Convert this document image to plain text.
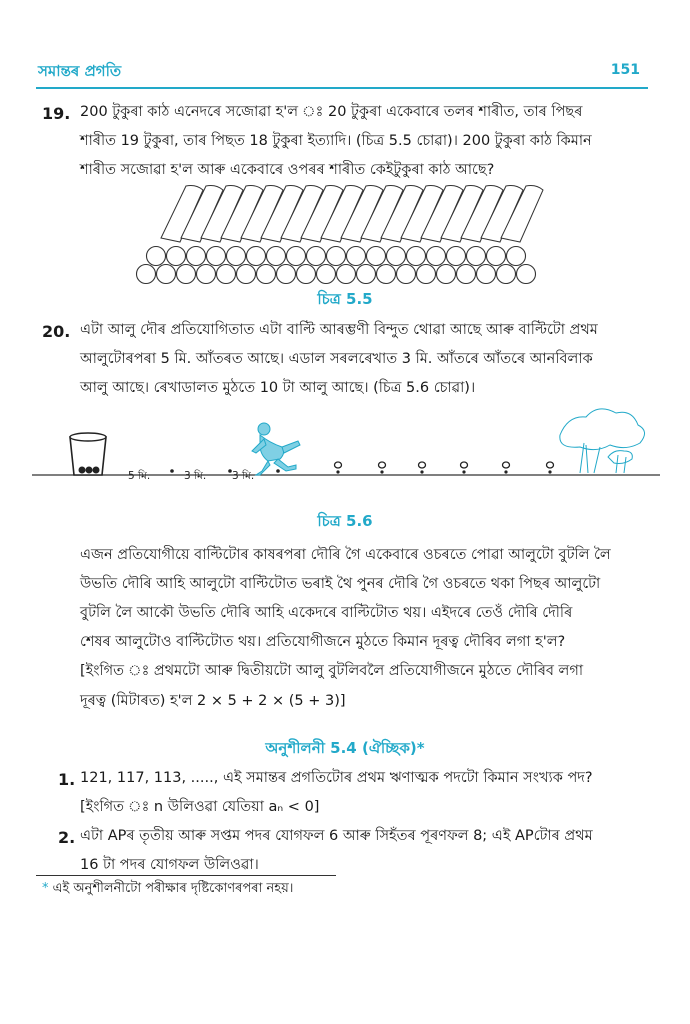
সমান্তৰ প্ৰগতি	151
19. 200 টুকুৰা কাঠ এনেদৰে সজোৱা হ'ল ঃ 20 টুকুৰা একেবাৰে তলৰ শাৰীত, তাৰ পিছৰ

শাৰীত 19 টুকুৰা, তাৰ পিছত 18 টুকুৰা ইত্যাদি। (চিত্ৰ 5.5 চোৱা)। 200 টুকুৰা কাঠ কিমান

শাৰীত সজোৱা হ'ল আৰু একেবাৰে ওপৰৰ শাৰীত কেইটুকুৰা কাঠ আছে?

চিত্ৰ 5.5
20. এটা আলু দৌৰ প্ৰতিযোগিতাত এটা বাল্টি আৰম্ভণী বিন্দুত থোৱা আছে আৰু বাল্টিটো প্ৰথম

আলুটোৰপৰা 5 মি. আঁতৰত আছে। এডাল সৰলৰেখাত 3 মি. আঁতৰে আঁতৰে আনবিলাক

আলু আছে। ৰেখাডালত মুঠতে 10 টা আলু আছে। (চিত্ৰ 5.6 চোৱা)।

5 মি.	3 মি. 3 মি.
চিত্ৰ 5.6

এজন প্ৰতিযোগীয়ে বাল্টিটোৰ কাষৰপৰা দৌৰি গৈ একেবাৰে ওচৰতে পোৱা আলুটো বুটলি লৈ

উভতি দৌৰি আহি আলুটো বাল্টিটোত ভৰাই থৈ পুনৰ দৌৰি গৈ ওচৰতে থকা পিছৰ আলুটো

বুটলি লৈ আকৌ উভতি দৌৰি আহি একেদৰে বাল্টিটোত থয়। এইদৰে তেওঁ দৌৰি দৌৰি

শেষৰ আলুটোও বাল্টিটোত থয়। প্ৰতিযোগীজনে মুঠতে কিমান দূৰত্ব দৌৰিব লগা হ'ল?

[ইংগিত ঃ প্ৰথমটো আৰু দ্বিতীয়টো আলু বুটলিবলৈ প্ৰতিযোগীজনে মুঠতে দৌৰিব লগা

দূৰত্ব (মিটাৰত) হ'ল 2 × 5 + 2 × (5 + 3)]

অনুশীলনী 5.4 (ঐচ্ছিক)*
1. 121, 117, 113, ....., এই সমান্তৰ প্ৰগতিটোৰ প্ৰথম ঋণাত্মক পদটো কিমান সংখ্যক পদ?

[ইংগিত ঃ n উলিওৱা যেতিয়া aₙ < 0]

2. এটা APৰ তৃতীয় আৰু সপ্তম পদৰ যোগফল 6 আৰু সিহঁতৰ পূৰণফল 8; এই APটোৰ প্ৰথম

16 টা পদৰ যোগফল উলিওৱা।

* এই অনুশীলনীটো পৰীক্ষাৰ দৃষ্টিকোণৰপৰা নহয়।
